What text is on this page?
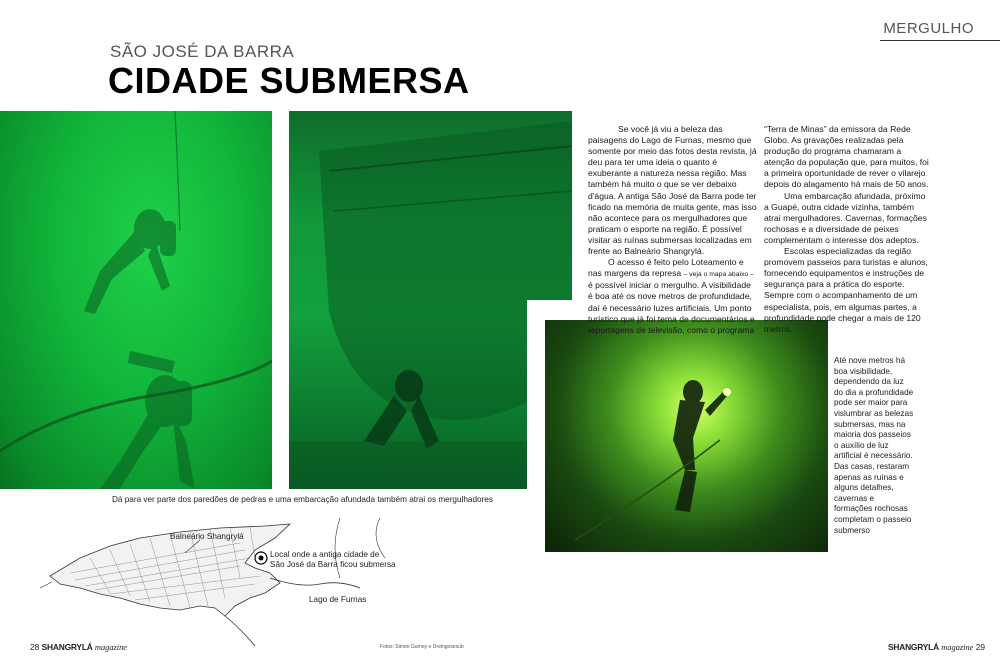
MERGULHO
SÃO JOSÉ DA BARRA
CIDADE SUBMERSA

Se você já viu a beleza das paisagens do Lago de Furnas, mesmo que somente por meio das fotos desta revista, já deu para ter uma ideia o quanto é exuberante a natureza nessa região. Mas também há muito o que se ver debaixo d'água. A antiga São José da Barra pode ter ficado na memória de muita gente, mas isso não acontece para os mergulhadores que praticam o esporte na região. É possível visitar as ruínas submersas localizadas em frente ao Balneário Shangrylá.

O acesso é feito pelo Loteamento e nas margens da represa – veja o mapa abaixo – é possível iniciar o mergulho. A visibilidade é boa até os nove metros de profundidade, daí é necessário luzes artificiais. Um ponto turístico que já foi tema de documentários e reportagens de televisão, como o programa

“Terra de Minas” da emissora da Rede Globo. As gravações realizadas pela produção do programa chamaram a atenção da população que, para muitos, foi a primeira oportunidade de rever o vilarejo depois do alagamento há mais de 50 anos.

Uma embarcação afundada, próximo a Guapé, outra cidade vizinha, também atrai mergulhadores. Cavernas, formações rochosas e a diversidade de peixes complementam o interesse dos adeptos.

Escolas especializadas da região promovem passeios para turistas e alunos, fornecendo equipamentos e instruções de segurança para a prática do esporte. Sempre com o acompanhamento de um especialista, pois, em algumas partes, a profundidade pode chegar a mais de 120 metros.

Até nove metros há boa visibilidade, dependendo da luz do dia a profundidade pode ser maior para vislumbrar as belezas submersas, mas na maioria dos passeios o auxílio de luz artificial é necessário. Das casas, restaram apenas as ruínas e alguns detalhes, cavernas e formações rochosas completam o passeio submerso
Dá para ver parte dos paredões de pedras e uma embarcação afundada também atrai os mergulhadores
Balneário Shangrylá
Local onde a antiga cidade de
São José da Barra ficou submersa
Lago de Furnas
28 SHANGRYLÁ magazine	Fotos: Simon Gurney e Dreingosesub	SHANGRYLÁ magazine 29
